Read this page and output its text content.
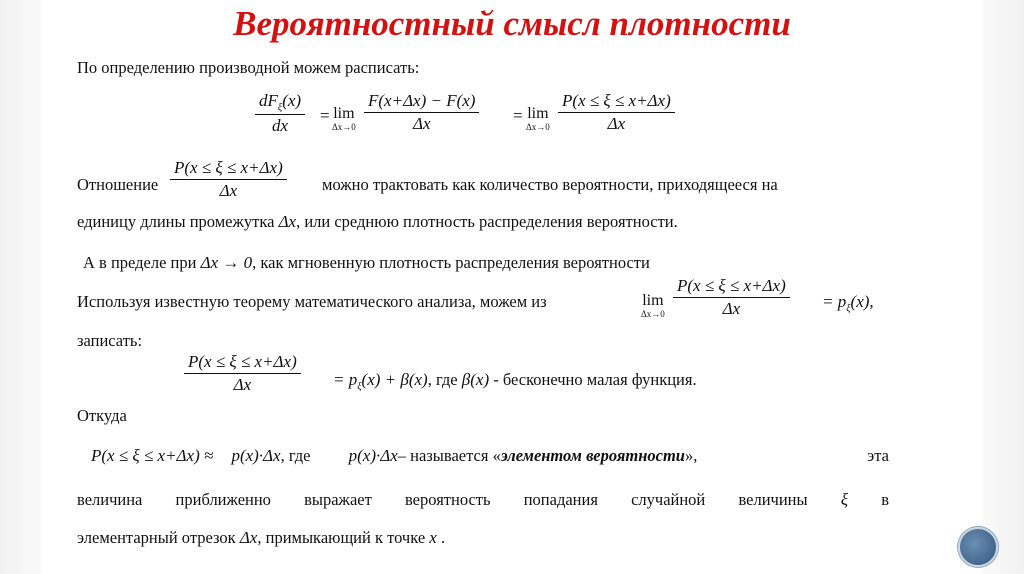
Вероятностный смысл плотности
По определению производной можем расписать:
$dF_\xi(x)$
dx
= lim
$\Delta x\to 0 \frac{F(x+\Delta x) - F(x)}{\Delta x} = \lim$
$\Delta x\to 0 \frac{P(x \le \xi \le x+\Delta x)}{\Delta x}$
Отношение $\frac{P(x \le \xi \le x+\Delta x)}{\Delta x}$ можно трактовать как количество вероятности, приходящееся на
единицу длины промежутка Δx, или среднюю плотность распределения вероятности.
А в пределе при Δx → 0, как мгновенную плотность распределения вероятности
Используя известную теорему математического анализа, можем из	lim
$\Delta x\to 0 \frac{P(x \le \xi \le x+\Delta x)}{\Delta x} = p_\xi(x)$,
записать:
$\frac{P(x \le \xi \le x+\Delta x)}{\Delta x} = p_\xi(x) + \beta(x)$, где β(x) - бесконечно малая функция.
Откуда
P(x ≤ ξ ≤ x+Δx) ≈ p(x)·Δx, где p(x)·Δx– называется «элементом вероятности»,	эта
величина приближенно выражает вероятность попадания случайной величины ξ в
элементарный отрезок Δx, примыкающий к точке x .
